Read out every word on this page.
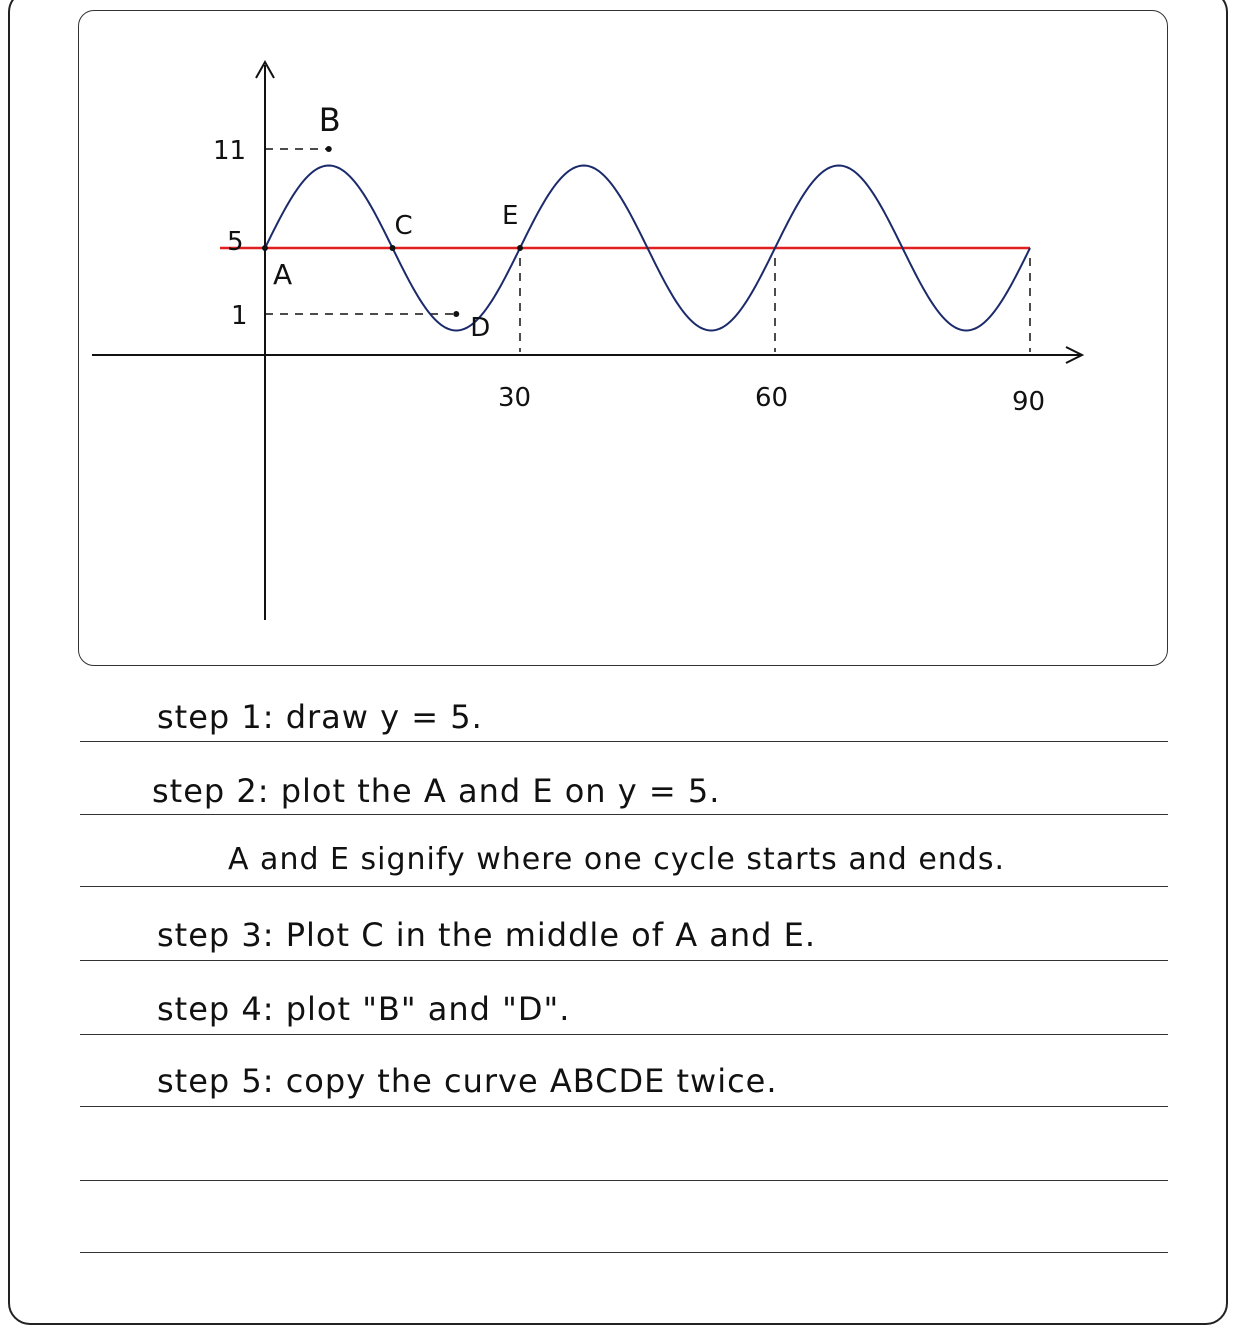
11
5
1
30	60	90
A
B
C
D
E
step 1: draw y = 5.
step 2: plot the A and E on y = 5.
A and E signify where one cycle starts and ends.
step 3: Plot C in the middle of A and E.
step 4: plot "B" and "D".
step 5: copy the curve ABCDE twice.
